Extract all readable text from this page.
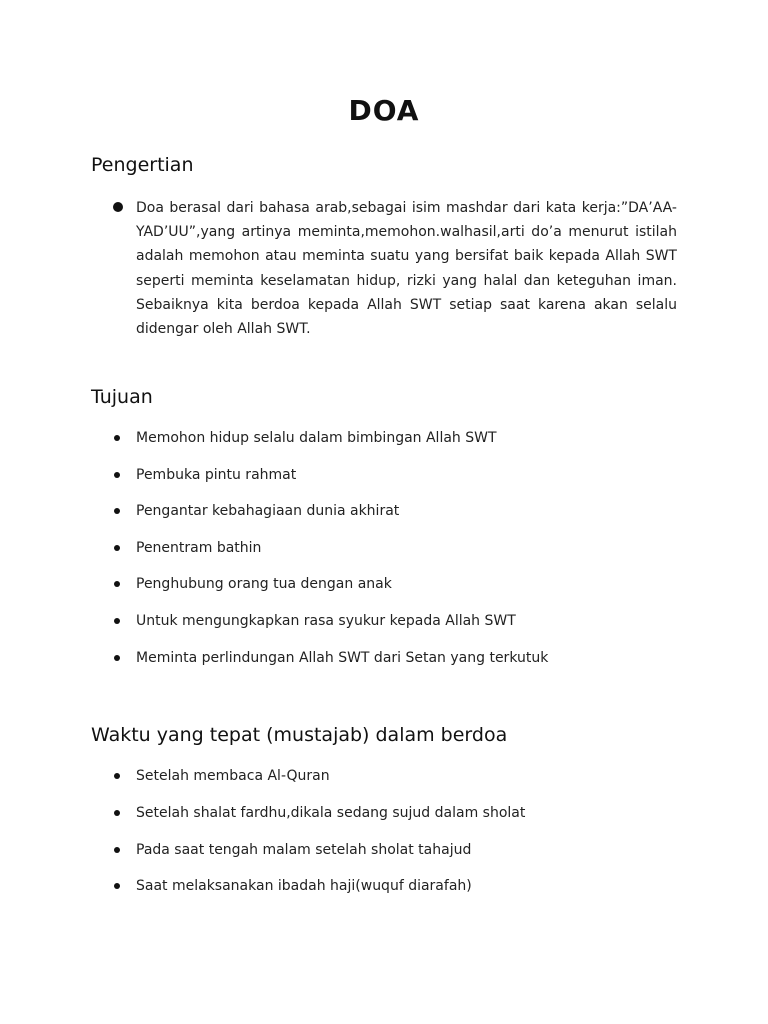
DOA
Pengertian
Doa berasal dari bahasa arab,sebagai isim mashdar dari kata kerja:”DA’AA-YAD’UU”,yang artinya meminta,memohon.walhasil,arti do’a menurut istilah adalah memohon atau meminta suatu yang bersifat baik kepada Allah SWT seperti meminta keselamatan hidup, rizki yang halal dan keteguhan iman. Sebaiknya kita berdoa kepada Allah SWT setiap saat karena akan selalu didengar oleh Allah SWT.
Tujuan
Memohon hidup selalu dalam bimbingan Allah SWT
Pembuka pintu rahmat
Pengantar kebahagiaan dunia akhirat
Penentram bathin
Penghubung orang tua dengan anak
Untuk mengungkapkan rasa syukur kepada Allah SWT
Meminta perlindungan Allah SWT dari Setan yang terkutuk
Waktu yang tepat (mustajab) dalam berdoa
Setelah membaca Al-Quran
Setelah shalat fardhu,dikala sedang sujud dalam sholat
Pada saat tengah malam setelah sholat tahajud
Saat melaksanakan ibadah haji(wuquf diarafah)
